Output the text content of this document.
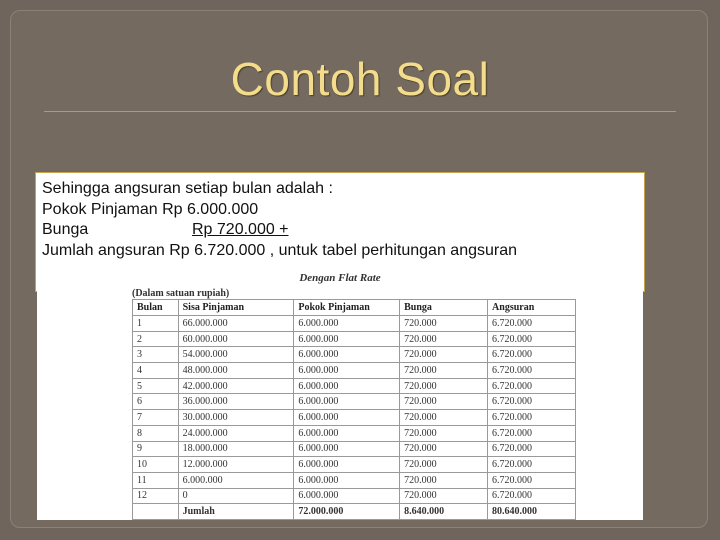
Contoh Soal
Sehingga angsuran setiap bulan adalah :
Pokok Pinjaman Rp 6.000.000
Bunga	Rp 720.000 +
Jumlah angsuran Rp 6.720.000 , untuk tabel perhitungan angsuran
Dengan Flat Rate
(Dalam satuan rupiah)
Bulan	Sisa Pinjaman	Pokok Pinjaman	Bunga	Angsuran
1	66.000.000	6.000.000	720.000	6.720.000
2	60.000.000	6.000.000	720.000	6.720.000
3	54.000.000	6.000.000	720.000	6.720.000
4	48.000.000	6.000.000	720.000	6.720.000
5	42.000.000	6.000.000	720.000	6.720.000
6	36.000.000	6.000.000	720.000	6.720.000
7	30.000.000	6.000.000	720.000	6.720.000
8	24.000.000	6.000.000	720.000	6.720.000
9	18.000.000	6.000.000	720.000	6.720.000
10	12.000.000	6.000.000	720.000	6.720.000
11	6.000.000	6.000.000	720.000	6.720.000
12	0	6.000.000	720.000	6.720.000
	Jumlah	72.000.000	8.640.000	80.640.000
